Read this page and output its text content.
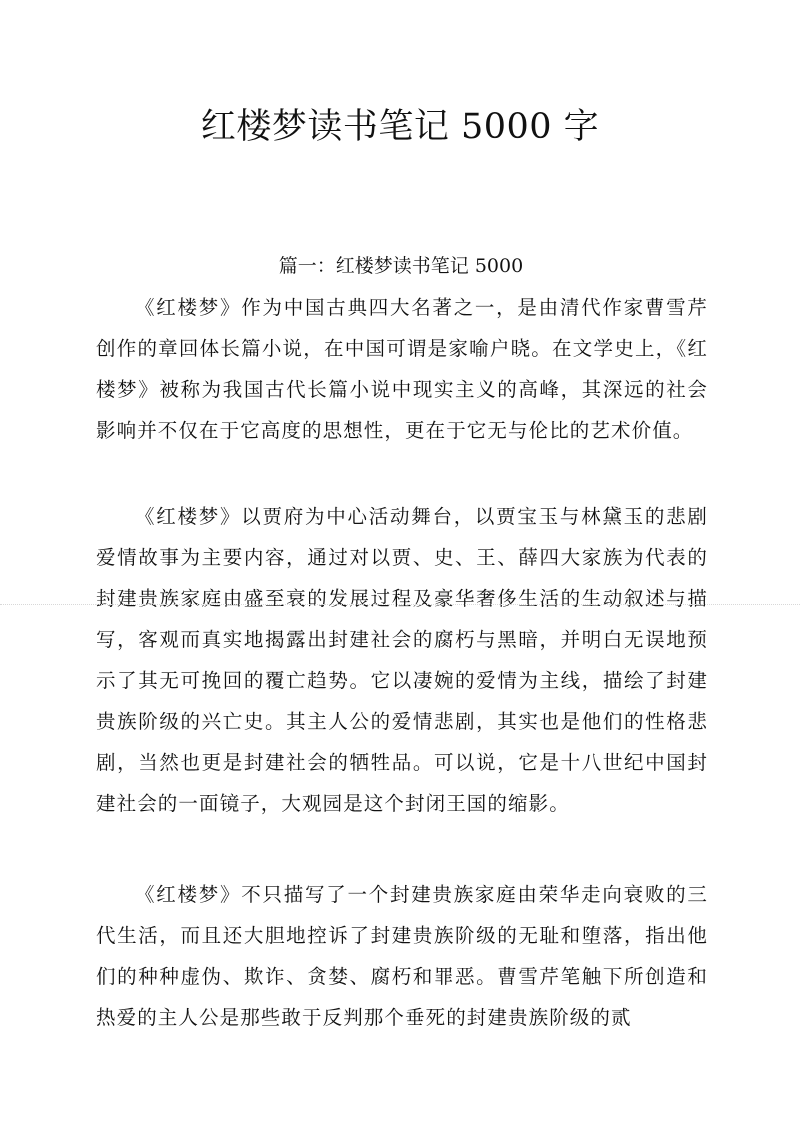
红楼梦读书笔记 5000 字
篇一：红楼梦读书笔记 5000

《红楼梦》作为中国古典四大名著之一，是由清代作家曹雪芹创作的章回体长篇小说，在中国可谓是家喻户晓。在文学史上，《红楼梦》被称为我国古代长篇小说中现实主义的高峰，其深远的社会影响并不仅在于它高度的思想性，更在于它无与伦比的艺术价值。

《红楼梦》以贾府为中心活动舞台，以贾宝玉与林黛玉的悲剧爱情故事为主要内容，通过对以贾、史、王、薛四大家族为代表的封建贵族家庭由盛至衰的发展过程及豪华奢侈生活的生动叙述与描写，客观而真实地揭露出封建社会的腐朽与黑暗，并明白无误地预示了其无可挽回的覆亡趋势。它以凄婉的爱情为主线，描绘了封建贵族阶级的兴亡史。其主人公的爱情悲剧，其实也是他们的性格悲剧，当然也更是封建社会的牺牲品。可以说，它是十八世纪中国封建社会的一面镜子，大观园是这个封闭王国的缩影。

《红楼梦》不只描写了一个封建贵族家庭由荣华走向衰败的三代生活，而且还大胆地控诉了封建贵族阶级的无耻和堕落，指出他们的种种虚伪、欺诈、贪婪、腐朽和罪恶。曹雪芹笔触下所创造和热爱的主人公是那些敢于反判那个垂死的封建贵族阶级的贰
